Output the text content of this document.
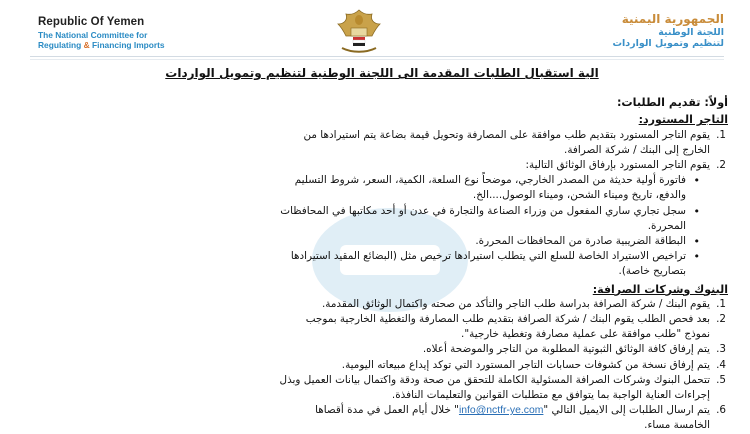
Republic Of Yemen
The National Committee for
Regulating & Financing Imports
الجمهورية اليمنية
اللجنة الوطنية
لتنظيم وتمويل الواردات
الية استقبال الطلبات المقدمة الى اللجنة الوطنية لتنظيم وتمويل الواردات
أولاً: تقديم الطلبات:
التاجر المستورد:
1.
يقوم التاجر المستورد بتقديم طلب موافقة على المصارفة وتحويل قيمة بضاعة يتم استيرادها من
الخارج إلى البنك / شركة الصرافة.
2.
يقوم التاجر المستورد بإرفاق الوثائق التالية:
• فاتورة أولية حديثة من المصدر الخارجي، موضحاً نوع السلعة، الكمية، السعر، شروط التسليم
والدفع، تاريخ وميناء الشحن، وميناء الوصول....الخ.
• سجل تجاري ساري المفعول من وزراء الصناعة والتجارة في عدن أو أحد مكاتبها في المحافظات
المحررة.
• البطاقة الضريبية صادرة من المحافظات المحررة.
• تراخيص الاستيراد الخاصة للسلع التي يتطلب استيرادها ترخيص مثل (البضائع المقيد استيرادها
بتصاريح خاصة).
البنوك وشركات الصرافة:
1.
يقوم البنك / شركة الصرافة بدراسة طلب التاجر والتأكد من صحته واكتمال الوثائق المقدمة.
2.
بعد فحص الطلب يقوم البنك / شركة الصرافة بتقديم طلب المصارفة والتغطية الخارجية بموجب
نموذج "طلب موافقة على عملية مصارفة وتغطية خارجية".
3.
يتم إرفاق كافة الوثائق الثبوتية المطلوبة من التاجر والموضحة أعلاه.
4.
يتم إرفاق نسخة من كشوفات حسابات التاجر المستورد التي توكد إيداع مبيعاته اليومية.
5.
تتحمل البنوك وشركات الصرافة المسئولية الكاملة للتحقق من صحة ودقة واكتمال بيانات العميل وبذل
إجراءات العناية الواجبة بما يتوافق مع متطلبات القوانين والتعليمات النافذة.
6.
يتم ارسال الطلبات إلى الايميل التالي "info@nctfr-ye.com" خلال أيام العمل في مدة أقصاها
الخامسة مساء.
